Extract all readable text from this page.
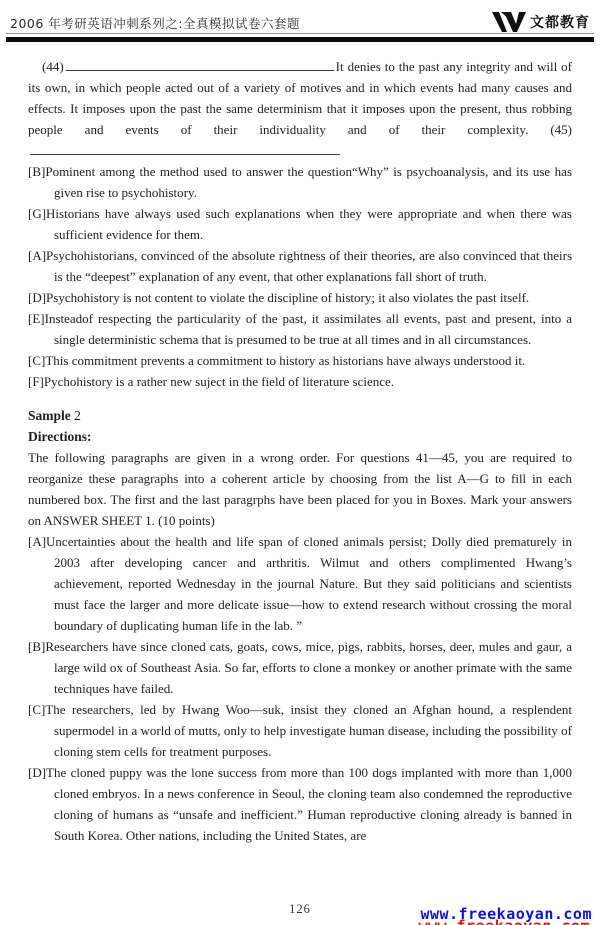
2006 年考研英语冲刺系列之:全真模拟试卷六套题	文都教育

(44)	It denies to the past any integrity and will of its own, in which people acted out of a variety of motives and in which events had many causes and effects. It imposes upon the past the same determinism that it imposes upon the present, thus robbing people and events of their individuality and of their complexity. (45)

[B]Pominent among the method used to answer the question“Why” is psychoanalysis, and its use has given rise to psychohistory.

[G]Historians have always used such explanations when they were appropriate and when there was sufficient evidence for them.

[A]Psychohistorians, convinced of the absolute rightness of their theories, are also convinced that theirs is the “deepest” explanation of any event, that other explanations fall short of truth.

[D]Psychohistory is not content to violate the discipline of history; it also violates the past itself.

[E]Insteadof respecting the particularity of the past, it assimilates all events, past and present, into a single deterministic schema that is presumed to be true at all times and in all circumstances.

[C]This commitment prevents a commitment to history as historians have always understood it.

[F]Pychohistory is a rather new suject in the field of literature science.

Sample 2

Directions:

The following paragraphs are given in a wrong order. For questions 41—45, you are required to reorganize these paragraphs into a coherent article by choosing from the list A—G to fill in each numbered box. The first and the last paragrphs have been placed for you in Boxes. Mark your answers on ANSWER SHEET 1. (10 points)

[A]Uncertainties about the health and life span of cloned animals persist; Dolly died prematurely in 2003 after developing cancer and arthritis. Wilmut and others complimented Hwang’s achievement, reported Wednesday in the journal Nature. But they said politicians and scientists must face the larger and more delicate issue—how to extend research without crossing the moral boundary of duplicating human life in the lab. ”

[B]Researchers have since cloned cats, goats, cows, mice, pigs, rabbits, horses, deer, mules and gaur, a large wild ox of Southeast Asia. So far, efforts to clone a monkey or another primate with the same techniques have failed.

[C]The researchers, led by Hwang Woo—suk, insist they cloned an Afghan hound, a resplendent supermodel in a world of mutts, only to help investigate human disease, including the possibility of cloning stem cells for treatment purposes.

[D]The cloned puppy was the lone success from more than 100 dogs implanted with more than 1,000 cloned embryos. In a news conference in Seoul, the cloning team also condemned the reproductive cloning of humans as “unsafe and inefficient.” Human reproductive cloning already is banned in South Korea. Other nations, including the United States, are

126	www.freekaoyan.com
